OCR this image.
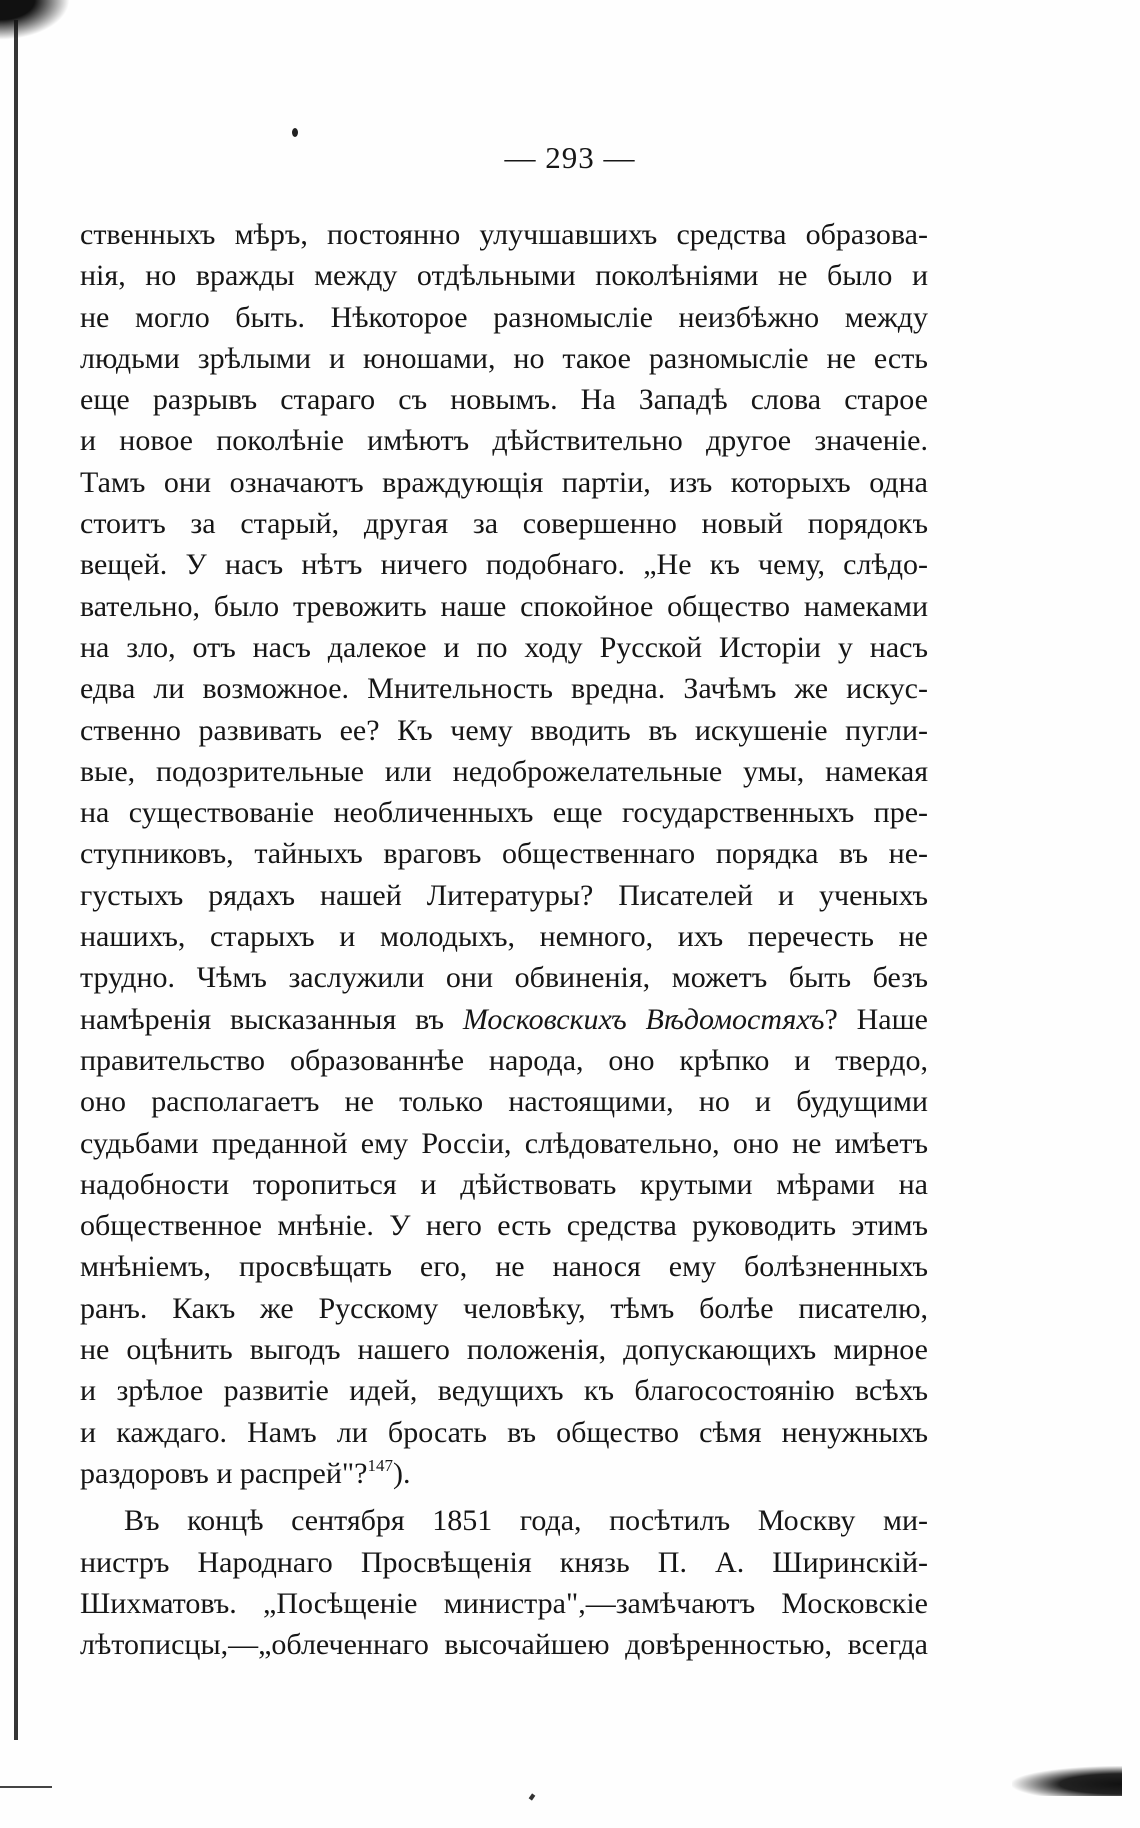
— 293 —
ственныхъ мѣръ, постоянно улучшавшихъ средства образова-
нія, но вражды между отдѣльными поколѣніями не было и
не могло быть. Нѣкоторое разномысліе неизбѣжно между
людьми зрѣлыми и юношами, но такое разномысліе не есть
еще разрывъ стараго съ новымъ. На Западѣ слова старое
и новое поколѣніе имѣютъ дѣйствительно другое значеніе.
Тамъ они означаютъ враждующія партіи, изъ которыхъ одна
стоитъ за старый, другая за совершенно новый порядокъ
вещей. У насъ нѣтъ ничего подобнаго. „Не къ чему, слѣдо-
вательно, было тревожить наше спокойное общество намеками
на зло, отъ насъ далекое и по ходу Русской Исторіи у насъ
едва ли возможное. Мнительность вредна. Зачѣмъ же искус-
ственно развивать ее? Къ чему вводить въ искушеніе пугли-
вые, подозрительные или недоброжелательные умы, намекая
на существованіе необличенныхъ еще государственныхъ пре-
ступниковъ, тайныхъ враговъ общественнаго порядка въ не-
густыхъ рядахъ нашей Литературы? Писателей и ученыхъ
нашихъ, старыхъ и молодыхъ, немного, ихъ перечесть не
трудно. Чѣмъ заслужили они обвиненія, можетъ быть безъ
намѣренія высказанныя въ Московскихъ Вѣдомостяхъ? Наше
правительство образованнѣе народа, оно крѣпко и твердо,
оно располагаетъ не только настоящими, но и будущими
судьбами преданной ему Россіи, слѣдовательно, оно не имѣетъ
надобности торопиться и дѣйствовать крутыми мѣрами на
общественное мнѣніе. У него есть средства руководить этимъ
мнѣніемъ, просвѣщать его, не нанося ему болѣзненныхъ
ранъ. Какъ же Русскому человѣку, тѣмъ болѣе писателю,
не оцѣнить выгодъ нашего положенія, допускающихъ мирное
и зрѣлое развитіе идей, ведущихъ къ благосостоянію всѣхъ
и каждаго. Намъ ли бросать въ общество сѣмя ненужныхъ
раздоровъ и распрей"?$^{147}$).
Въ концѣ сентября 1851 года, посѣтилъ Москву ми-
нистръ Народнаго Просвѣщенія князь П. А. Ширинскій-
Шихматовъ. „Посѣщеніе министра",—замѣчаютъ Московскіе
лѣтописцы,—„облеченнаго высочайшею довѣренностью, всегда
